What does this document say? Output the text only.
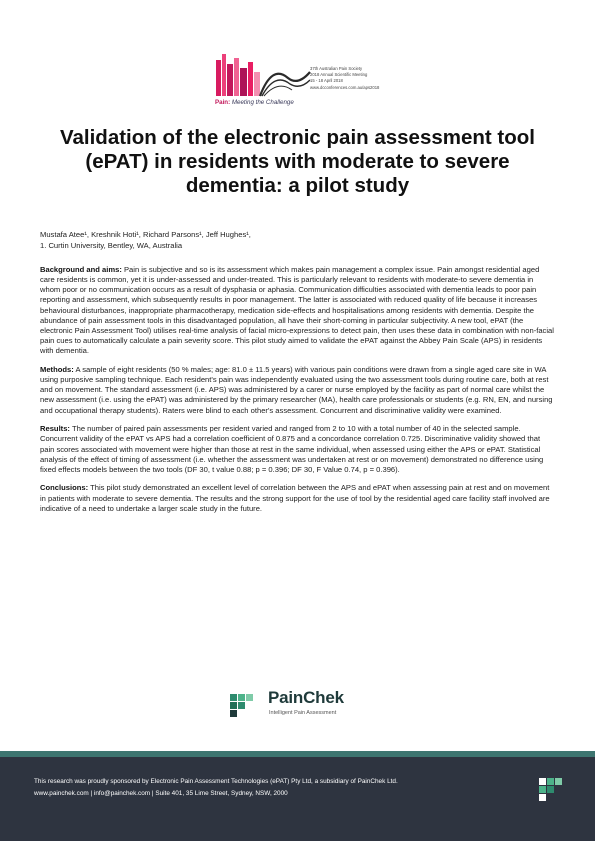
Pain: Meeting the Challenge
37th Australian Pain Society
2018 Annual Scientific Meeting
15 - 18 April 2018
www.dcconferences.com.au/aps2018
Validation of the electronic pain assessment tool (ePAT) in residents with moderate to severe dementia: a pilot study
Mustafa Atee¹, Kreshnik Hoti¹, Richard Parsons¹, Jeff Hughes¹,
1. Curtin University, Bentley, WA, Australia

Background and aims: Pain is subjective and so is its assessment which makes pain management a complex issue. Pain amongst residential aged care residents is common, yet it is under-assessed and under-treated. This is particularly relevant to residents with moderate-to severe dementia in whom poor or no communication occurs as a result of dysphasia or aphasia. Communication difficulties associated with dementia leads to poor pain reporting and assessment, which subsequently results in poor management. The latter is associated with reduced quality of life because it increases behavioural disturbances, inappropriate pharmacotherapy, medication side-effects and hospitalisations among residents with dementia. Despite the abundance of pain assessment tools in this disadvantaged population, all have their short-coming in particular subjectivity. A new tool, ePAT (the electronic Pain Assessment Tool) utilises real-time analysis of facial micro-expressions to detect pain, then uses these data in combination with non-facial pain cues to automatically calculate a pain severity score. This pilot study aimed to validate the ePAT against the Abbey Pain Scale (APS) in residents with dementia.

Methods: A sample of eight residents (50 % males; age: 81.0 ± 11.5 years) with various pain conditions were drawn from a single aged care site in WA using purposive sampling technique. Each resident's pain was independently evaluated using the two assessment tools during routine care, both at rest and on movement. The standard assessment (i.e. APS) was administered by a carer or nurse employed by the facility as part of normal care whilst the new assessment (i.e. using the ePAT) was administered by the primary researcher (MA), health care professionals or students (e.g. RN, EN, and nursing and occupational therapy students). Raters were blind to each other's assessment. Concurrent and discriminative validity were examined.

Results: The number of paired pain assessments per resident varied and ranged from 2 to 10 with a total number of 40 in the selected sample. Concurrent validity of the ePAT vs APS had a correlation coefficient of 0.875 and a concordance correlation 0.725. Discriminative validity showed that pain scores associated with movement were higher than those at rest in the same individual, when assessed using either the APS or ePAT. Statistical analysis of the effect of timing of assessment (i.e. whether the assessment was undertaken at rest or on movement) demonstrated no difference using fixed effects models between the two tools (DF 30, t value 0.88; p = 0.396; DF 30, F Value 0.74, p = 0.396).

Conclusions: This pilot study demonstrated an excellent level of correlation between the APS and ePAT when assessing pain at rest and on movement in patients with moderate to severe dementia. The results and the strong support for the use of tool by the residential aged care facility staff involved are indicative of a need to undertake a larger scale study in the future.

PainChek
Intelligent Pain Assessment
This research was proudly sponsored by Electronic Pain Assessment Technologies (ePAT) Pty Ltd, a subsidiary of PainChek Ltd.
www.painchek.com | info@painchek.com | Suite 401, 35 Lime Street, Sydney, NSW, 2000
